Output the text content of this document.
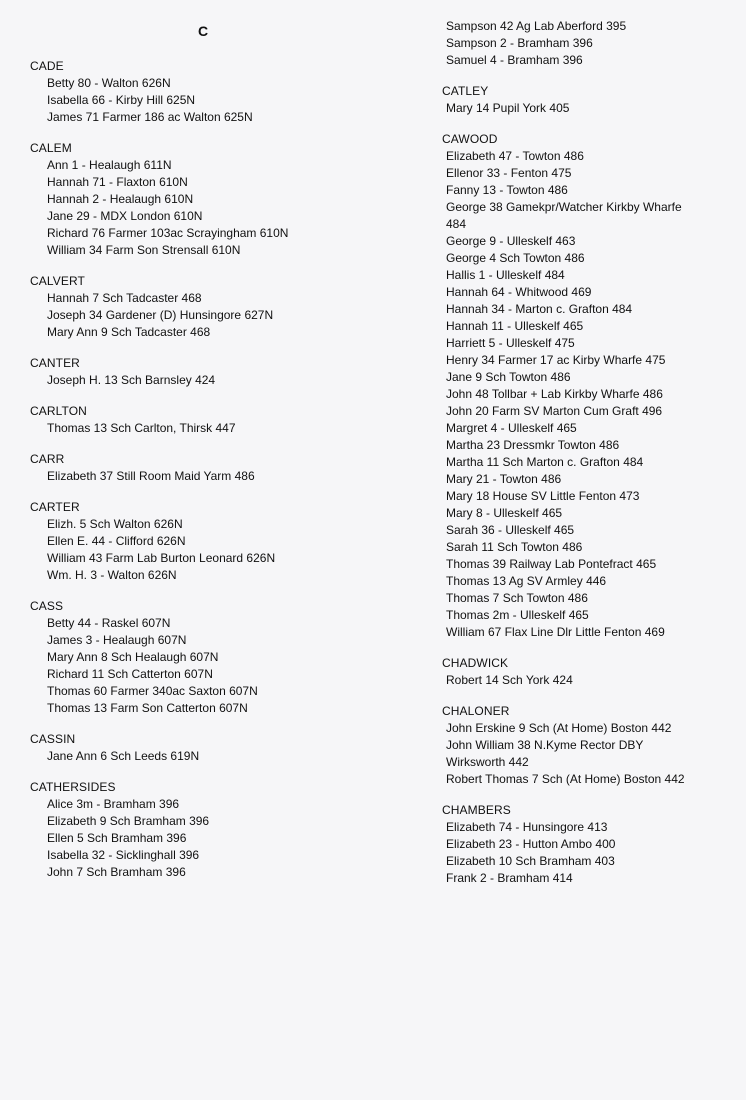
C
CADE

Betty 80 - Walton 626N

Isabella 66 - Kirby Hill 625N

James 71 Farmer 186 ac Walton 625N

CALEM

Ann 1 - Healaugh 611N

Hannah 71 - Flaxton 610N

Hannah 2 - Healaugh 610N

Jane 29 - MDX London 610N

Richard 76 Farmer 103ac Scrayingham 610N

William 34 Farm Son Strensall 610N

CALVERT

Hannah 7 Sch Tadcaster 468

Joseph 34 Gardener (D) Hunsingore 627N

Mary Ann 9 Sch Tadcaster 468

CANTER

Joseph H. 13 Sch Barnsley 424

CARLTON

Thomas 13 Sch Carlton, Thirsk 447

CARR

Elizabeth 37 Still Room Maid Yarm 486

CARTER

Elizh. 5 Sch Walton 626N

Ellen E. 44 - Clifford 626N

William 43 Farm Lab Burton Leonard 626N

Wm. H. 3 - Walton 626N

CASS

Betty 44 - Raskel 607N

James 3 - Healaugh 607N

Mary Ann 8 Sch Healaugh 607N

Richard 11 Sch Catterton 607N

Thomas 60 Farmer 340ac Saxton 607N

Thomas 13 Farm Son Catterton 607N

CASSIN

Jane Ann 6 Sch Leeds 619N

CATHERSIDES

Alice 3m - Bramham 396

Elizabeth 9 Sch Bramham 396

Ellen 5 Sch Bramham 396

Isabella 32 - Sicklinghall 396

John 7 Sch Bramham 396

Sampson 42 Ag Lab Aberford 395

Sampson 2 - Bramham 396

Samuel 4 - Bramham 396

CATLEY

Mary 14 Pupil York 405

CAWOOD

Elizabeth 47 - Towton 486

Ellenor 33 - Fenton 475

Fanny 13 - Towton 486

George 38 Gamekpr/Watcher Kirkby Wharfe

484

George 9 - Ulleskelf 463

George 4 Sch Towton 486

Hallis 1 - Ulleskelf 484

Hannah 64 - Whitwood 469

Hannah 34 - Marton c. Grafton 484

Hannah 11 - Ulleskelf 465

Harriett 5 - Ulleskelf 475

Henry 34 Farmer 17 ac Kirby Wharfe 475

Jane 9 Sch Towton 486

John 48 Tollbar + Lab Kirkby Wharfe 486

John 20 Farm SV Marton Cum Graft 496

Margret 4 - Ulleskelf 465

Martha 23 Dressmkr Towton 486

Martha 11 Sch Marton c. Grafton 484

Mary 21 - Towton 486

Mary 18 House SV Little Fenton 473

Mary 8 - Ulleskelf 465

Sarah 36 - Ulleskelf 465

Sarah 11 Sch Towton 486

Thomas 39 Railway Lab Pontefract 465

Thomas 13 Ag SV Armley 446

Thomas 7 Sch Towton 486

Thomas 2m - Ulleskelf 465

William 67 Flax Line Dlr Little Fenton 469

CHADWICK

Robert 14 Sch York 424

CHALONER

John Erskine 9 Sch (At Home) Boston 442

John William 38 N.Kyme Rector DBY

Wirksworth 442

Robert Thomas 7 Sch (At Home) Boston 442

CHAMBERS

Elizabeth 74 - Hunsingore 413

Elizabeth 23 - Hutton Ambo 400

Elizabeth 10 Sch Bramham 403

Frank 2 - Bramham 414
